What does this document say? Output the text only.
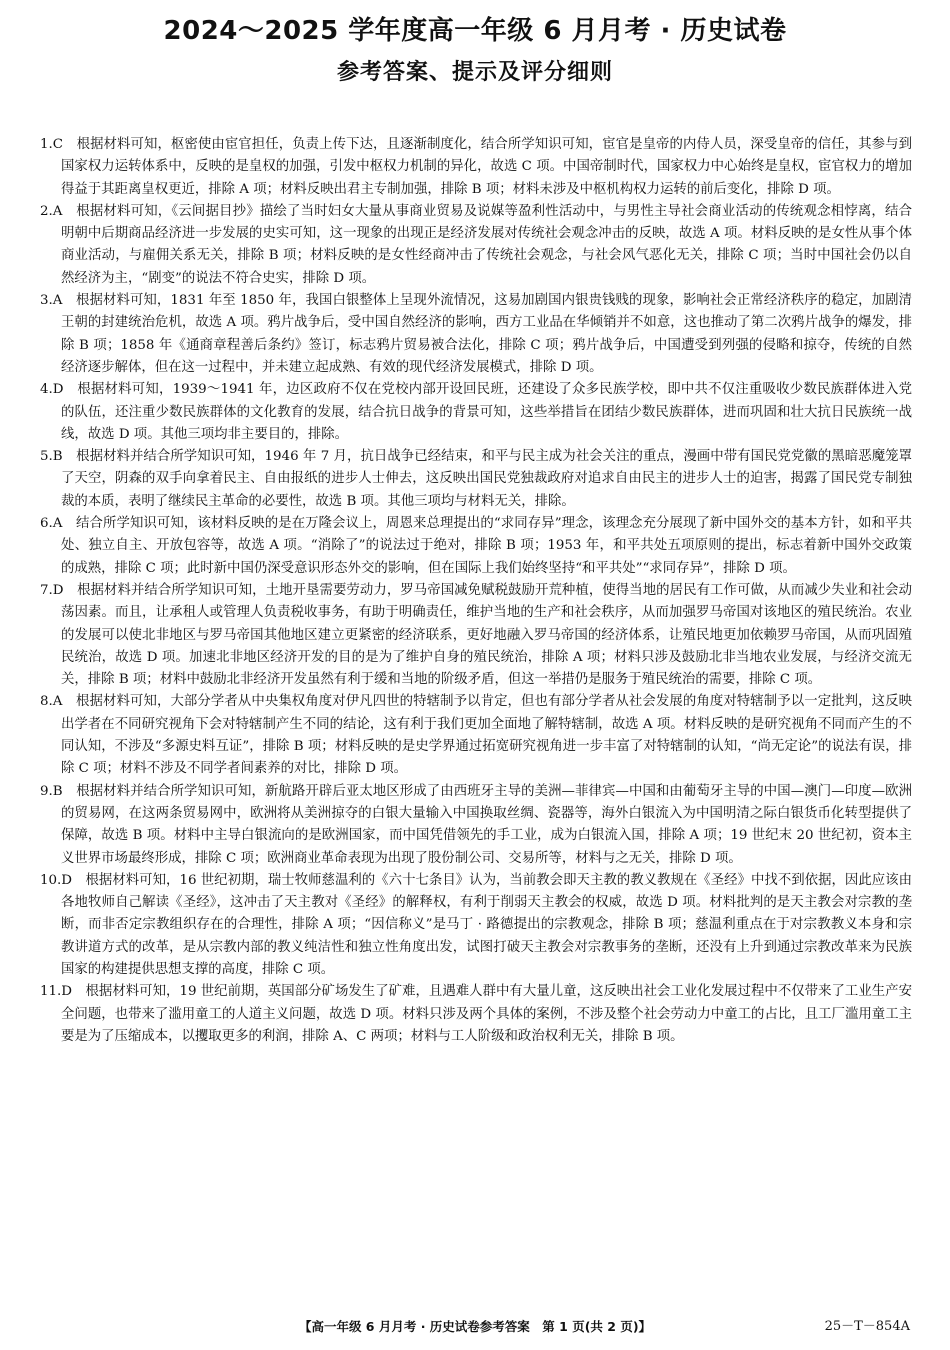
2024～2025 学年度高一年级 6 月月考 · 历史试卷
参考答案、提示及评分细则

1.C　 根据材料可知，枢密使由宦官担任，负责上传下达，且逐渐制度化，结合所学知识可知，宦官是皇帝的内侍人员，深受皇帝的信任，其参与到国家权力运转体系中，反映的是皇权的加强，引发中枢权力机制的异化，故选 C 项。中国帝制时代，国家权力中心始终是皇权，宦官权力的增加得益于其距离皇权更近，排除 A 项；材料反映出君主专制加强，排除 B 项；材料未涉及中枢机构权力运转的前后变化，排除 D 项。

2.A　 根据材料可知，《云间据目抄》描绘了当时妇女大量从事商业贸易及说媒等盈利性活动中，与男性主导社会商业活动的传统观念相悖离，结合明朝中后期商品经济进一步发展的史实可知，这一现象的出现正是经济发展对传统社会观念冲击的反映，故选 A 项。材料反映的是女性从事个体商业活动，与雇佣关系无关，排除 B 项；材料反映的是女性经商冲击了传统社会观念，与社会风气恶化无关，排除 C 项；当时中国社会仍以自然经济为主，“剧变”的说法不符合史实，排除 D 项。

3.A　 根据材料可知，1831 年至 1850 年，我国白银整体上呈现外流情况，这易加剧国内银贵钱贱的现象，影响社会正常经济秩序的稳定，加剧清王朝的封建统治危机，故选 A 项。鸦片战争后，受中国自然经济的影响，西方工业品在华倾销并不如意，这也推动了第二次鸦片战争的爆发，排除 B 项；1858 年《通商章程善后条约》签订，标志鸦片贸易被合法化，排除 C 项；鸦片战争后，中国遭受到列强的侵略和掠夺，传统的自然经济逐步解体，但在这一过程中，并未建立起成熟、有效的现代经济发展模式，排除 D 项。

4.D　 根据材料可知，1939～1941 年，边区政府不仅在党校内部开设回民班，还建设了众多民族学校，即中共不仅注重吸收少数民族群体进入党的队伍，还注重少数民族群体的文化教育的发展，结合抗日战争的背景可知，这些举措旨在团结少数民族群体，进而巩固和壮大抗日民族统一战线，故选 D 项。其他三项均非主要目的，排除。

5.B　 根据材料并结合所学知识可知，1946 年 7 月，抗日战争已经结束，和平与民主成为社会关注的重点，漫画中带有国民党党徽的黑暗恶魔笼罩了天空，阴森的双手向拿着民主、自由报纸的进步人士伸去，这反映出国民党独裁政府对追求自由民主的进步人士的迫害，揭露了国民党专制独裁的本质，表明了继续民主革命的必要性，故选 B 项。其他三项均与材料无关，排除。

6.A　 结合所学知识可知，该材料反映的是在万隆会议上，周恩来总理提出的“求同存异”理念，该理念充分展现了新中国外交的基本方针，如和平共处、独立自主、开放包容等，故选 A 项。“消除了”的说法过于绝对，排除 B 项；1953 年，和平共处五项原则的提出，标志着新中国外交政策的成熟，排除 C 项；此时新中国仍深受意识形态外交的影响，但在国际上我们始终坚持“和平共处”“求同存异”，排除 D 项。

7.D　 根据材料并结合所学知识可知，土地开垦需要劳动力，罗马帝国减免赋税鼓励开荒种植，使得当地的居民有工作可做，从而减少失业和社会动荡因素。而且，让承租人或管理人负责税收事务，有助于明确责任，维护当地的生产和社会秩序，从而加强罗马帝国对该地区的殖民统治。农业的发展可以使北非地区与罗马帝国其他地区建立更紧密的经济联系，更好地融入罗马帝国的经济体系，让殖民地更加依赖罗马帝国，从而巩固殖民统治，故选 D 项。加速北非地区经济开发的目的是为了维护自身的殖民统治，排除 A 项；材料只涉及鼓励北非当地农业发展，与经济交流无关，排除 B 项；材料中鼓励北非经济开发虽然有利于缓和当地的阶级矛盾，但这一举措仍是服务于殖民统治的需要，排除 C 项。

8.A　 根据材料可知，大部分学者从中央集权角度对伊凡四世的特辖制予以肯定，但也有部分学者从社会发展的角度对特辖制予以一定批判，这反映出学者在不同研究视角下会对特辖制产生不同的结论，这有利于我们更加全面地了解特辖制，故选 A 项。材料反映的是研究视角不同而产生的不同认知，不涉及“多源史料互证”，排除 B 项；材料反映的是史学界通过拓宽研究视角进一步丰富了对特辖制的认知，“尚无定论”的说法有误，排除 C 项；材料不涉及不同学者间素养的对比，排除 D 项。

9.B　 根据材料并结合所学知识可知，新航路开辟后亚太地区形成了由西班牙主导的美洲—菲律宾—中国和由葡萄牙主导的中国—澳门—印度—欧洲的贸易网，在这两条贸易网中，欧洲将从美洲掠夺的白银大量输入中国换取丝绸、瓷器等，海外白银流入为中国明清之际白银货币化转型提供了保障，故选 B 项。材料中主导白银流向的是欧洲国家，而中国凭借领先的手工业，成为白银流入国，排除 A 项；19 世纪末 20 世纪初，资本主义世界市场最终形成，排除 C 项；欧洲商业革命表现为出现了股份制公司、交易所等，材料与之无关，排除 D 项。

10.D　 根据材料可知，16 世纪初期，瑞士牧师慈温利的《六十七条目》认为，当前教会即天主教的教义教规在《圣经》中找不到依据，因此应该由各地牧师自己解读《圣经》，这冲击了天主教对《圣经》的解释权，有利于削弱天主教会的权威，故选 D 项。材料批判的是天主教会对宗教的垄断，而非否定宗教组织存在的合理性，排除 A 项；“因信称义”是马丁 · 路德提出的宗教观念，排除 B 项；慈温利重点在于对宗教教义本身和宗教讲道方式的改革，是从宗教内部的教义纯洁性和独立性角度出发，试图打破天主教会对宗教事务的垄断，还没有上升到通过宗教改革来为民族国家的构建提供思想支撑的高度，排除 C 项。

11.D　 根据材料可知，19 世纪前期，英国部分矿场发生了矿难，且遇难人群中有大量儿童，这反映出社会工业化发展过程中不仅带来了工业生产安全问题，也带来了滥用童工的人道主义问题，故选 D 项。材料只涉及两个具体的案例，不涉及整个社会劳动力中童工的占比，且工厂滥用童工主要是为了压缩成本，以攫取更多的利润，排除 A、C 两项；材料与工人阶级和政治权利无关，排除 B 项。

【高一年级 6 月月考 · 历史试卷参考答案　第 1 页(共 2 页)】	25－T－854A
